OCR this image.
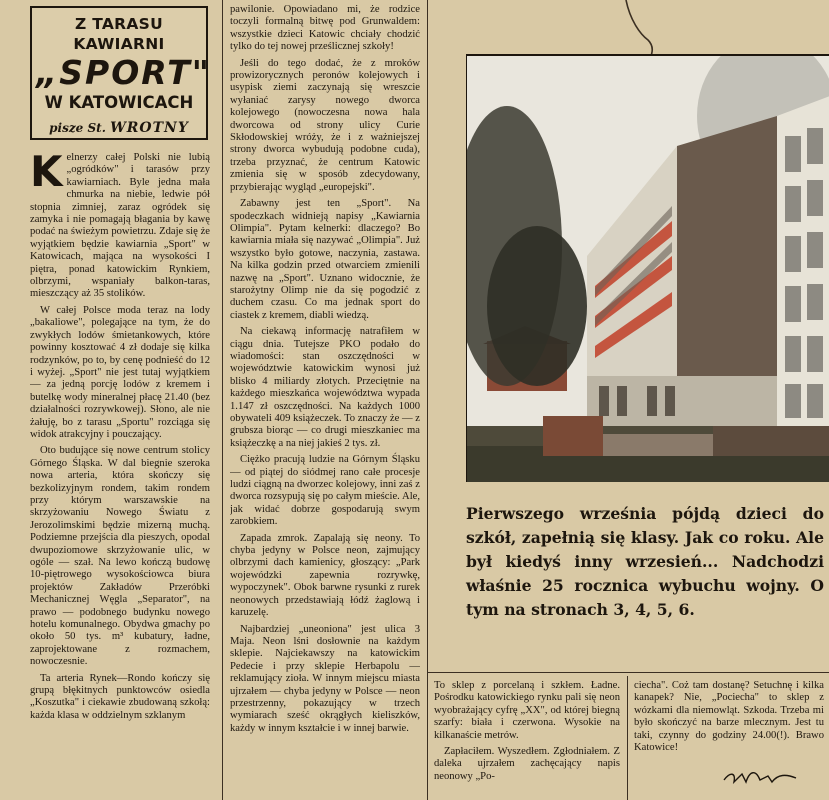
Z TARASU KAWIARNI
„SPORT"
W KATOWICACH
pisze St. WROTNY

Kelnerzy całej Polski nie lubią „ogródków" i tarasów przy kawiarniach. Byle jedna mała chmurka na niebie, ledwie pół stopnia zimniej, zaraz ogródek się zamyka i nie pomagają błagania by kawę podać na świeżym powietrzu. Zdaje się że wyjątkiem będzie kawiarnia „Sport" w Katowicach, mająca na wysokości I piętra, ponad katowickim Rynkiem, olbrzymi, wspaniały balkon-taras, mieszczący aż 35 stolików.

W całej Polsce moda teraz na lody „bakaliowe", polegające na tym, że do zwykłych lodów śmietankowych, które powinny kosztować 4 zł dodaje się kilka rodzynków, po to, by cenę podnieść do 12 i wyżej. „Sport" nie jest tutaj wyjątkiem — za jedną porcję lodów z kremem i butelkę wody mineralnej płacę 21.40 (bez działalności rozrywkowej). Słono, ale nie żałuję, bo z tarasu „Sportu" rozciąga się widok atrakcyjny i pouczający.

Oto budujące się nowe centrum stolicy Górnego Śląska. W dal biegnie szeroka nowa arteria, która skończy się bezkolizyjnym rondem, takim rondem przy którym warszawskie na skrzyżowaniu Nowego Światu z Jerozolimskimi będzie mizerną muchą. Podziemne przejścia dla pieszych, opodal dwupoziomowe skrzyżowanie ulic, w ogóle — szał. Na lewo kończą budowę 10-piętrowego wysokościowca biura projektów Zakładów Przeróbki Mechanicznej Węgla „Separator", na prawo — podobnego budynku nowego hotelu komunalnego. Obydwa gmachy po około 50 tys. m³ kubatury, ładne, zaprojektowane z rozmachem, nowoczesnie.

Ta arteria Rynek—Rondo kończy się grupą błękitnych punktowców osiedla „Koszutka" i ciekawie zbudowaną szkołą: każda klasa w oddzielnym szklanym

pawilonie. Opowiadano mi, że rodzice toczyli formalną bitwę pod Grunwaldem: wszystkie dzieci Katowic chciały chodzić tylko do tej nowej prześlicznej szkoły!

Jeśli do tego dodać, że z mroków prowizorycznych peronów kolejowych i usypisk ziemi zaczynają się wreszcie wyłaniać zarysy nowego dworca kolejowego (nowoczesna nowa hala dworcowa od strony ulicy Curie Skłodowskiej wróży, że i z ważniejszej strony dworca wybudują podobne cuda), trzeba przyznać, że centrum Katowic zmienia się w sposób zdecydowany, przybierając wygląd „europejski".

Zabawny jest ten „Sport". Na spodeczkach widnieją napisy „Kawiarnia Olimpia". Pytam kelnerki: dlaczego? Bo kawiarnia miała się nazywać „Olimpia". Już wszystko było gotowe, naczynia, zastawa. Na kilka godzin przed otwarciem zmienili nazwę na „Sport". Uznano widocznie, że starożytny Olimp nie da się pogodzić z duchem czasu. Co ma jednak sport do ciastek z kremem, diabli wiedzą.

Na ciekawą informację natrafiłem w ciągu dnia. Tutejsze PKO podało do wiadomości: stan oszczędności w województwie katowickim wynosi już blisko 4 miliardy złotych. Przeciętnie na każdego mieszkańca województwa wypada 1.147 zł oszczędności. Na każdych 1000 obywateli 409 książeczek. To znaczy że — z grubsza biorąc — co drugi mieszkaniec ma książeczkę a na niej jakieś 2 tys. zł.

Ciężko pracują ludzie na Górnym Śląsku — od piątej do siódmej rano całe procesje ludzi ciągną na dworzec kolejowy, inni zaś z dworca rozsypują się po całym mieście. Ale, jak widać dobrze gospodarują swym zarobkiem.

Zapada zmrok. Zapalają się neony. To chyba jedyny w Polsce neon, zajmujący olbrzymi dach kamienicy, głoszący: „Park wojewódzki zapewnia rozrywkę, wypoczynek". Obok barwne rysunki z rurek neonowych przedstawiają łódź żaglową i karuzelę.

Najbardziej „uneoniona" jest ulica 3 Maja. Neon lśni dosłownie na każdym sklepie. Najciekawszy na katowickim Pedecie i przy sklepie Herbapolu — reklamujący zioła. W innym miejscu miasta ujrzałem — chyba jedyny w Polsce — neon przestrzenny, pokazujący w trzech wymiarach sześć okrągłych kieliszków, każdy w innym kształcie i w innej barwie.

Pierwszego września pójdą dzieci do szkół, zapełnią się klasy. Jak co roku. Ale był kiedyś inny wrzesień... Nadchodzi właśnie 25 rocznica wybuchu wojny. O tym na stronach 3, 4, 5, 6.

To sklep z porcelaną i szkłem. Ładne. Pośrodku katowickiego rynku pali się neon wyobrażający cyfrę „XX", od której biegną szarfy: biała i czerwona. Wysokie na kilkanaście metrów.

Zapłaciłem. Wyszedłem. Zgłodniałem. Z daleka ujrzałem zachęcający napis neonowy „Po-

ciecha". Coż tam dostanę? Setuchnę i kilka kanapek? Nie, „Pociecha" to sklep z wózkami dla niemowląt. Szkoda. Trzeba mi było skończyć na barze mlecznym. Jest tu taki, czynny do godziny 24.00(!). Brawo Katowice!
